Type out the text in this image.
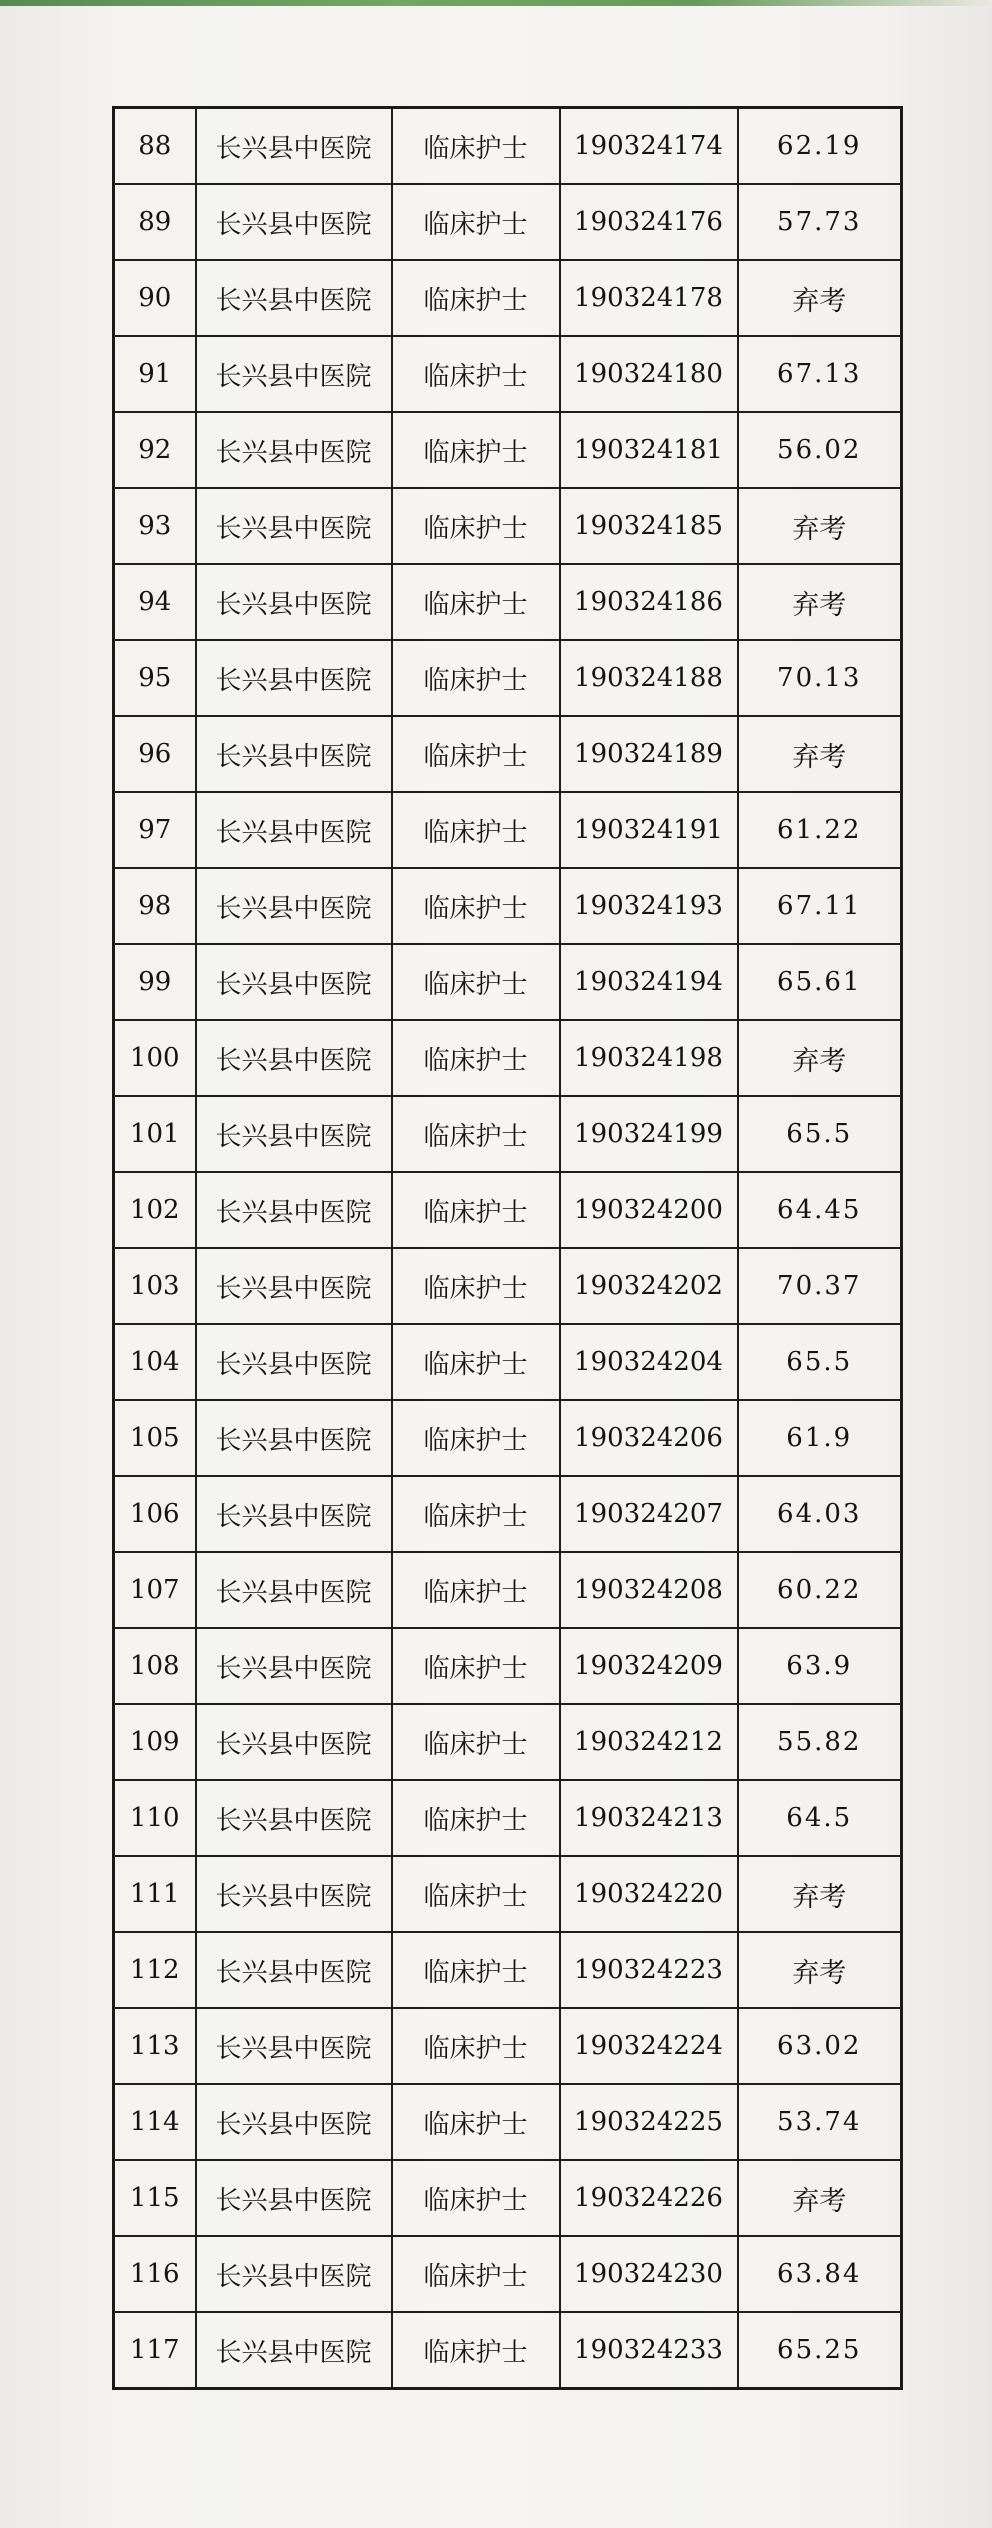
88	长兴县中医院	临床护士	190324174	62.19
89	长兴县中医院	临床护士	190324176	57.73
90	长兴县中医院	临床护士	190324178	弃考
91	长兴县中医院	临床护士	190324180	67.13
92	长兴县中医院	临床护士	190324181	56.02
93	长兴县中医院	临床护士	190324185	弃考
94	长兴县中医院	临床护士	190324186	弃考
95	长兴县中医院	临床护士	190324188	70.13
96	长兴县中医院	临床护士	190324189	弃考
97	长兴县中医院	临床护士	190324191	61.22
98	长兴县中医院	临床护士	190324193	67.11
99	长兴县中医院	临床护士	190324194	65.61
100	长兴县中医院	临床护士	190324198	弃考
101	长兴县中医院	临床护士	190324199	65.5
102	长兴县中医院	临床护士	190324200	64.45
103	长兴县中医院	临床护士	190324202	70.37
104	长兴县中医院	临床护士	190324204	65.5
105	长兴县中医院	临床护士	190324206	61.9
106	长兴县中医院	临床护士	190324207	64.03
107	长兴县中医院	临床护士	190324208	60.22
108	长兴县中医院	临床护士	190324209	63.9
109	长兴县中医院	临床护士	190324212	55.82
110	长兴县中医院	临床护士	190324213	64.5
111	长兴县中医院	临床护士	190324220	弃考
112	长兴县中医院	临床护士	190324223	弃考
113	长兴县中医院	临床护士	190324224	63.02
114	长兴县中医院	临床护士	190324225	53.74
115	长兴县中医院	临床护士	190324226	弃考
116	长兴县中医院	临床护士	190324230	63.84
117	长兴县中医院	临床护士	190324233	65.25
